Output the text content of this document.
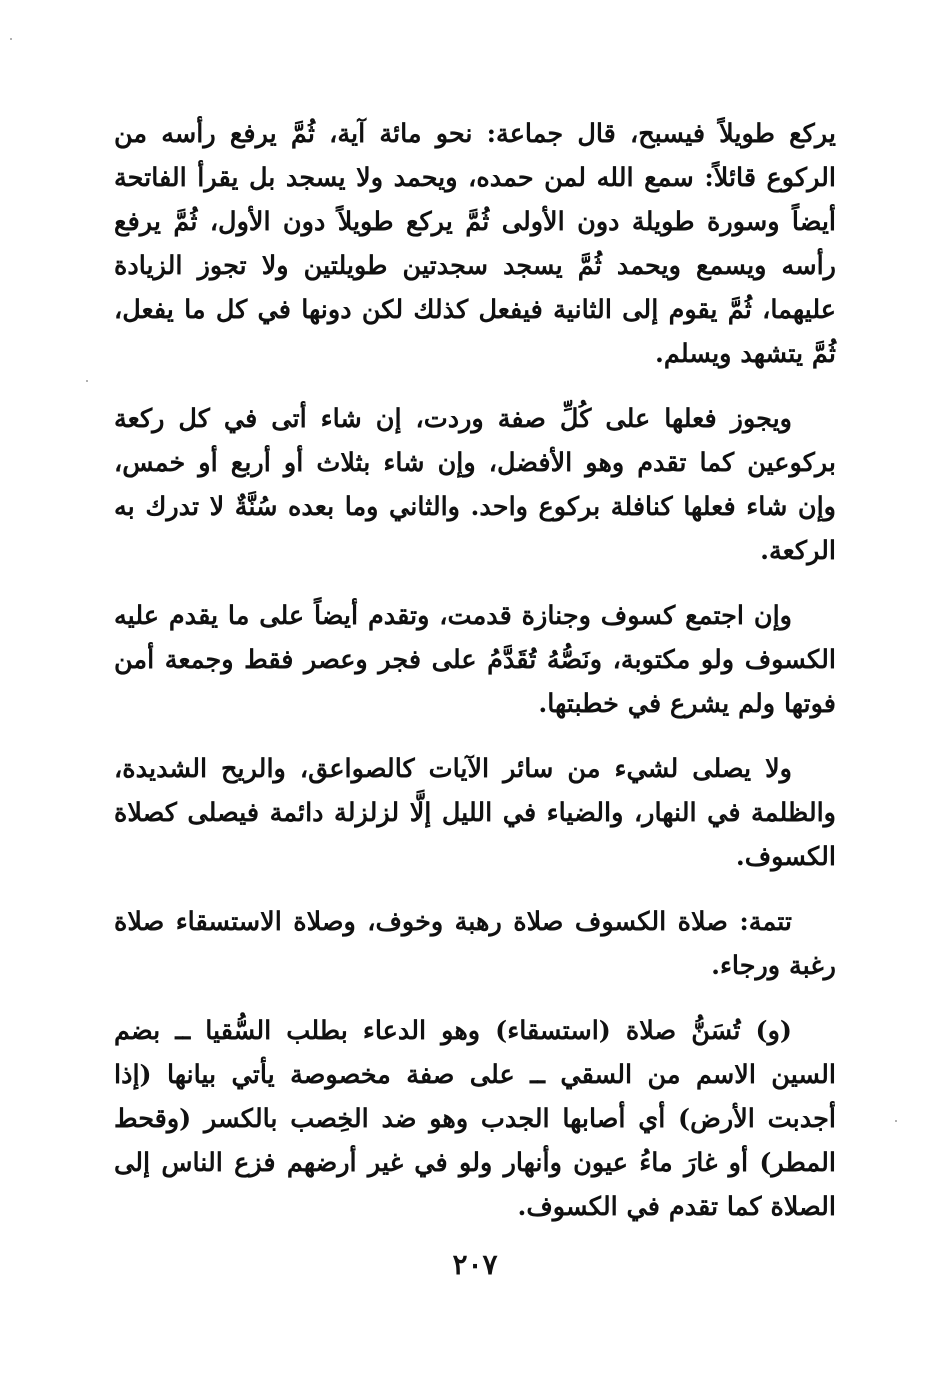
يركع طويلاً فيسبح، قال جماعة: نحو مائة آية، ثُمَّ يرفع رأسه من الركوع قائلاً: سمع الله لمن حمده، ويحمد ولا يسجد بل يقرأ الفاتحة أيضاً وسورة طويلة دون الأولى ثُمَّ يركع طويلاً دون الأول، ثُمَّ يرفع رأسه ويسمع ويحمد ثُمَّ يسجد سجدتين طويلتين ولا تجوز الزيادة عليهما، ثُمَّ يقوم إلى الثانية فيفعل كذلك لكن دونها في كل ما يفعل، ثُمَّ يتشهد ويسلم.

ويجوز فعلها على كُلِّ صفة وردت، إن شاء أتى في كل ركعة بركوعين كما تقدم وهو الأفضل، وإن شاء بثلاث أو أربع أو خمس، وإن شاء فعلها كنافلة بركوع واحد. والثاني وما بعده سُنَّةٌ لا تدرك به الركعة.

وإن اجتمع كسوف وجنازة قدمت، وتقدم أيضاً على ما يقدم عليه الكسوف ولو مكتوبة، ونَصُّهُ تُقَدَّمُ على فجر وعصر فقط وجمعة أمن فوتها ولم يشرع في خطبتها.

ولا يصلى لشيء من سائر الآيات كالصواعق، والريح الشديدة، والظلمة في النهار، والضياء في الليل إلَّا لزلزلة دائمة فيصلى كصلاة الكسوف.

تتمة: صلاة الكسوف صلاة رهبة وخوف، وصلاة الاستسقاء صلاة رغبة ورجاء.

(و) تُسَنُّ صلاة (استسقاء) وهو الدعاء بطلب السُّقيا ــ بضم السين الاسم من السقي ــ على صفة مخصوصة يأتي بيانها (إذا أجدبت الأرض) أي أصابها الجدب وهو ضد الخِصب بالكسر (وقحط المطر) أو غارَ ماءُ عيون وأنهار ولو في غير أرضهم فزع الناس إلى الصلاة كما تقدم في الكسوف.

٢٠٧
